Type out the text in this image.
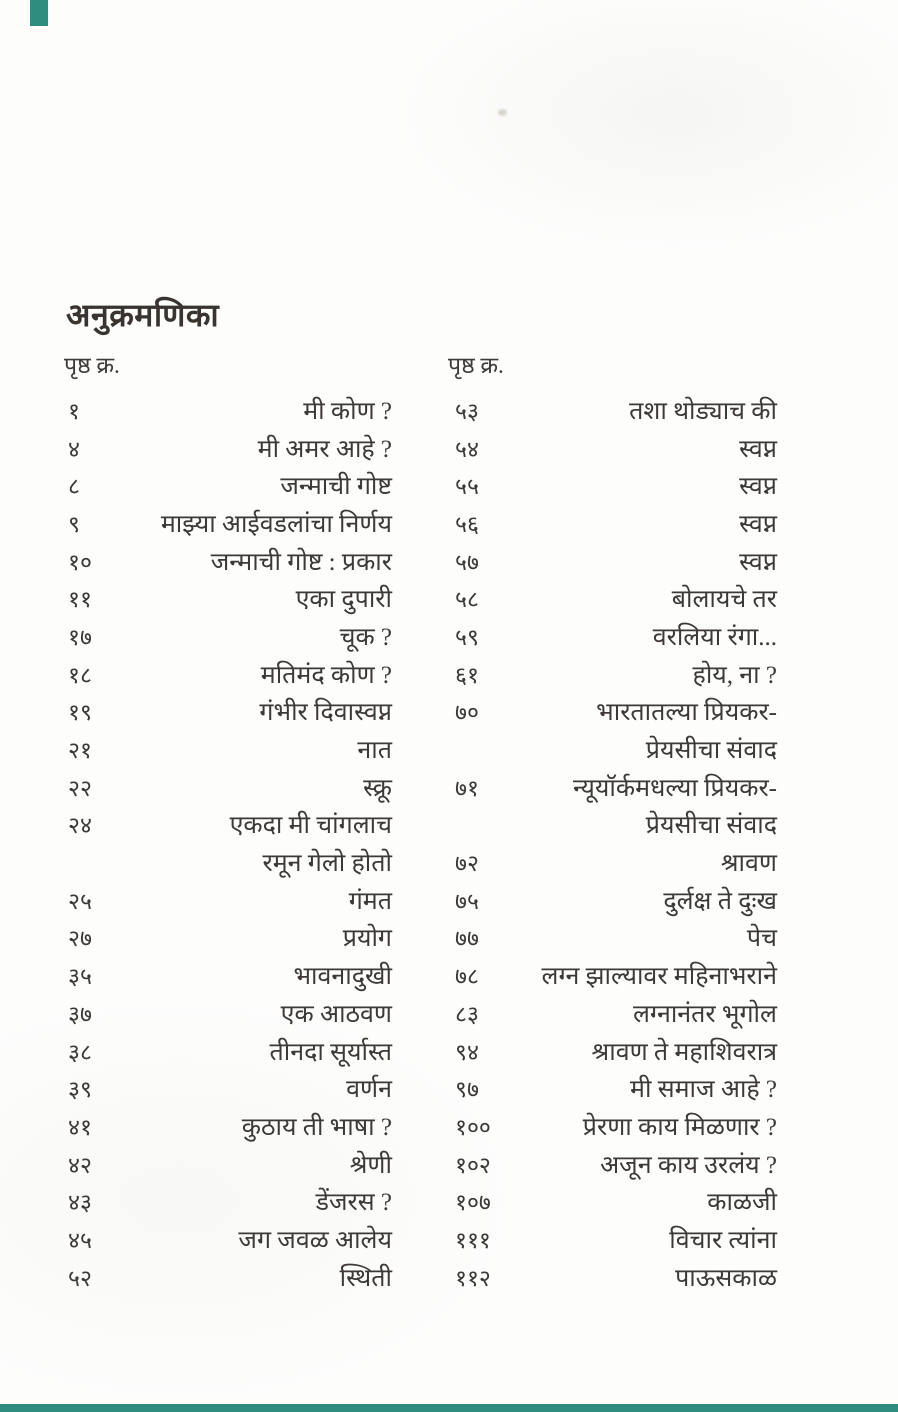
अनुक्रमणिका
पृष्ठ क्र.	पृष्ठ क्र.
१	मी कोण ?
४	मी अमर आहे ?
८	जन्माची गोष्ट
९	माझ्या आईवडलांचा निर्णय
१०	जन्माची गोष्ट : प्रकार
११	एका दुपारी
१७	चूक ?
१८	मतिमंद कोण ?
१९	गंभीर दिवास्वप्न
२१	नात
२२	स्क्रू
२४	एकदा मी चांगलाच
रमून गेलो होतो
२५	गंमत
२७	प्रयोग
३५	भावनादुखी
३७	एक आठवण
३८	तीनदा सूर्यास्त
३९	वर्णन
४१	कुठाय ती भाषा ?
४२	श्रेणी
४३	डेंजरस ?
४५	जग जवळ आलेय
५२	स्थिती
५३	तशा थोड्याच की
५४	स्वप्न
५५	स्वप्न
५६	स्वप्न
५७	स्वप्न
५८	बोलायचे तर
५९	वरलिया रंगा...
६१	होय, ना ?
७०	भारतातल्या प्रियकर-
प्रेयसीचा संवाद
७१	न्यूयॉर्कमधल्या प्रियकर-
प्रेयसीचा संवाद
७२	श्रावण
७५	दुर्लक्ष ते दुःख
७७	पेच
७८	लग्न झाल्यावर महिनाभराने
८३	लग्नानंतर भूगोल
९४	श्रावण ते महाशिवरात्र
९७	मी समाज आहे ?
१००	प्रेरणा काय मिळणार ?
१०२	अजून काय उरलंय ?
१०७	काळजी
१११	विचार त्यांना
११२	पाऊसकाळ
